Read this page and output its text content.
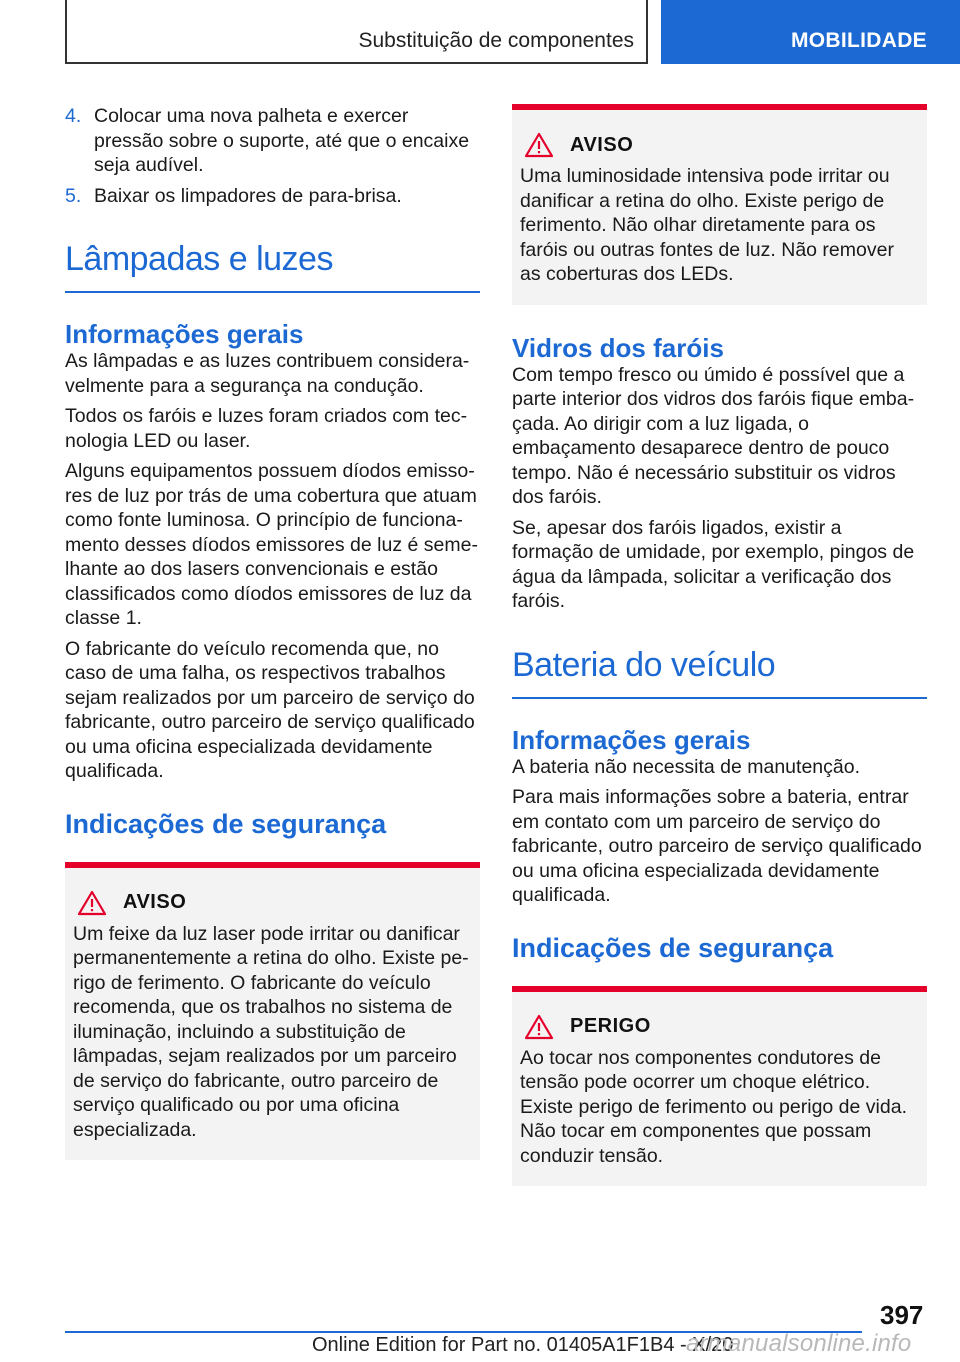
Substituição de componentes	MOBILIDADE
4. Colocar uma nova palheta e exercer pressão sobre o suporte, até que o encaixe seja audível.
5. Baixar os limpadores de para-brisa.
Lâmpadas e luzes
Informações gerais

As lâmpadas e as luzes contribuem consideravelmente para a segurança na condução.

Todos os faróis e luzes foram criados com tecnologia LED ou laser.

Alguns equipamentos possuem díodos emissores de luz por trás de uma cobertura que atuam como fonte luminosa. O princípio de funcionamento desses díodos emissores de luz é semelhante ao dos lasers convencionais e estão classificados como díodos emissores de luz da classe 1.

O fabricante do veículo recomenda que, no caso de uma falha, os respectivos trabalhos sejam realizados por um parceiro de serviço do fabricante, outro parceiro de serviço qualificado ou uma oficina especializada devidamente qualificada.

Indicações de segurança
AVISO

Um feixe da luz laser pode irritar ou danificar permanentemente a retina do olho. Existe perigo de ferimento. O fabricante do veículo recomenda, que os trabalhos no sistema de iluminação, incluindo a substituição de lâmpadas, sejam realizados por um parceiro de serviço do fabricante, outro parceiro de serviço qualificado ou por uma oficina especializada.

AVISO

Uma luminosidade intensiva pode irritar ou danificar a retina do olho. Existe perigo de ferimento. Não olhar diretamente para os faróis ou outras fontes de luz. Não remover as coberturas dos LEDs.

Vidros dos faróis

Com tempo fresco ou úmido é possível que a parte interior dos vidros dos faróis fique embaçada. Ao dirigir com a luz ligada, o embaçamento desaparece dentro de pouco tempo. Não é necessário substituir os vidros dos faróis.

Se, apesar dos faróis ligados, existir a formação de umidade, por exemplo, pingos de água da lâmpada, solicitar a verificação dos faróis.

Bateria do veículo
Informações gerais

A bateria não necessita de manutenção.

Para mais informações sobre a bateria, entrar em contato com um parceiro de serviço do fabricante, outro parceiro de serviço qualificado ou uma oficina especializada devidamente qualificada.

Indicações de segurança
PERIGO

Ao tocar nos componentes condutores de tensão pode ocorrer um choque elétrico. Existe perigo de ferimento ou perigo de vida. Não tocar em componentes que possam conduzir tensão.

397
Online Edition for Part no. 01405A1F1B4 - X/20
armanualsonline.info
